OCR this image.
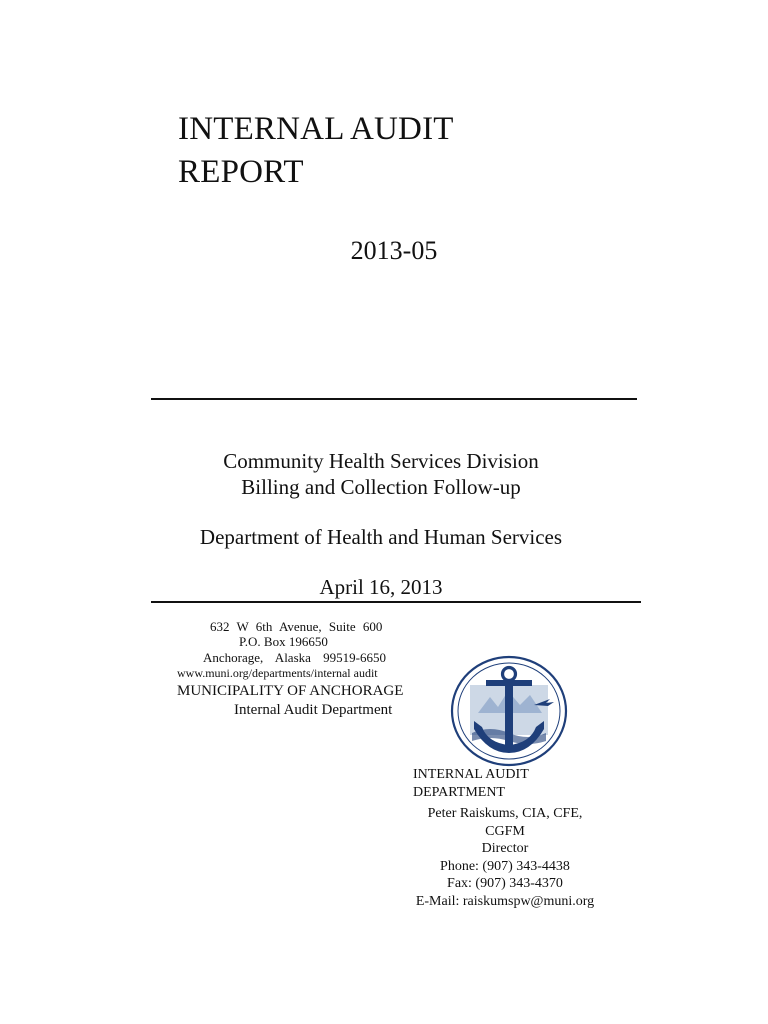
INTERNAL AUDIT
REPORT
2013-05
Community Health Services Division
Billing and Collection Follow-up
Department of Health and Human Services
April 16, 2013
632 W 6th Avenue, Suite 600
P.O. Box 196650
Anchorage, Alaska 99519-6650
www.muni.org/departments/internal audit
MUNICIPALITY OF ANCHORAGE
Internal Audit Department
INTERNAL AUDIT
DEPARTMENT
Peter Raiskums, CIA, CFE,
CGFM
Director
Phone: (907) 343-4438
Fax: (907) 343-4370
E-Mail: raiskumspw@muni.org
